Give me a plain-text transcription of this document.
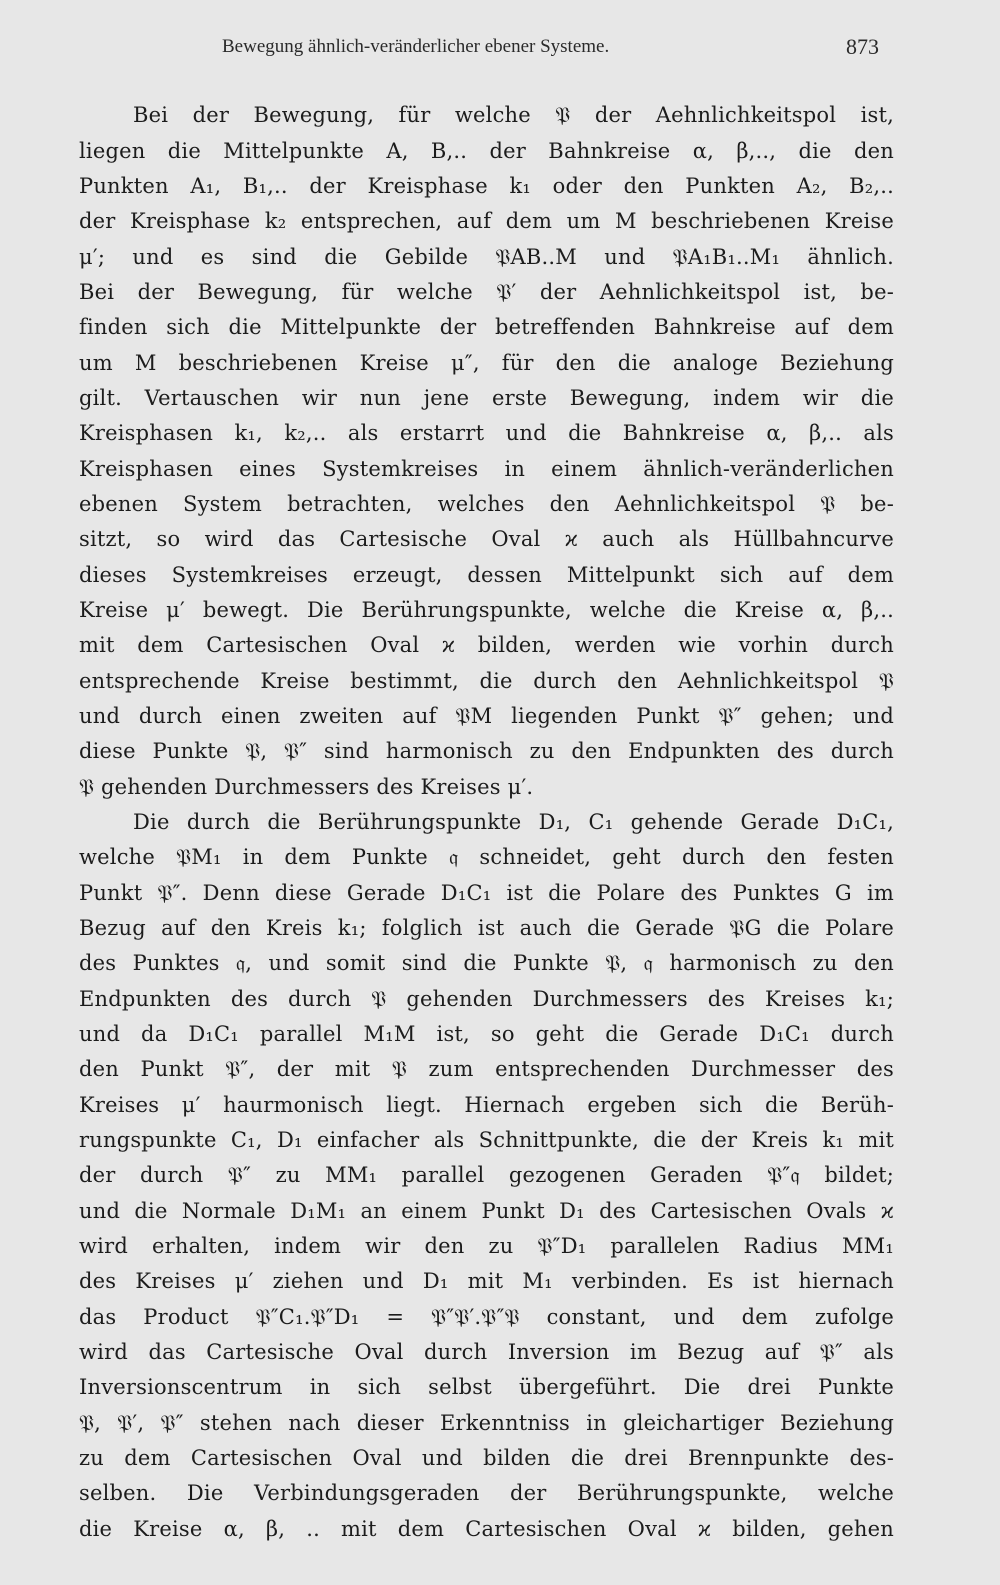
Bewegung ähnlich-veränderlicher ebener Systeme.	873
Bei der Bewegung, für welche 𝔓 der Aehnlichkeitspol ist,
liegen die Mittelpunkte A, B,.. der Bahnkreise α, β,.., die den
Punkten A₁, B₁,.. der Kreisphase k₁ oder den Punkten A₂, B₂,..
der Kreisphase k₂ entsprechen, auf dem um M beschriebenen Kreise
μ′; und es sind die Gebilde 𝔓AB..M und 𝔓A₁B₁..M₁ ähnlich.
Bei der Bewegung, für welche 𝔓′ der Aehnlichkeitspol ist, be-
finden sich die Mittelpunkte der betreffenden Bahnkreise auf dem
um M beschriebenen Kreise μ″, für den die analoge Beziehung
gilt. Vertauschen wir nun jene erste Bewegung, indem wir die
Kreisphasen k₁, k₂,.. als erstarrt und die Bahnkreise α, β,.. als
Kreisphasen eines Systemkreises in einem ähnlich-veränderlichen
ebenen System betrachten, welches den Aehnlichkeitspol 𝔓 be-
sitzt, so wird das Cartesische Oval ϰ auch als Hüllbahncurve
dieses Systemkreises erzeugt, dessen Mittelpunkt sich auf dem
Kreise μ′ bewegt. Die Berührungspunkte, welche die Kreise α, β,..
mit dem Cartesischen Oval ϰ bilden, werden wie vorhin durch
entsprechende Kreise bestimmt, die durch den Aehnlichkeitspol 𝔓
und durch einen zweiten auf 𝔓M liegenden Punkt 𝔓″ gehen; und
diese Punkte 𝔓, 𝔓″ sind harmonisch zu den Endpunkten des durch
𝔓 gehenden Durchmessers des Kreises μ′.
Die durch die Berührungspunkte D₁, C₁ gehende Gerade D₁C₁,
welche 𝔓M₁ in dem Punkte 𝔮 schneidet, geht durch den festen
Punkt 𝔓″. Denn diese Gerade D₁C₁ ist die Polare des Punktes G im
Bezug auf den Kreis k₁; folglich ist auch die Gerade 𝔓G die Polare
des Punktes 𝔮, und somit sind die Punkte 𝔓, 𝔮 harmonisch zu den
Endpunkten des durch 𝔓 gehenden Durchmessers des Kreises k₁;
und da D₁C₁ parallel M₁M ist, so geht die Gerade D₁C₁ durch
den Punkt 𝔓″, der mit 𝔓 zum entsprechenden Durchmesser des
Kreises μ′ haurmonisch liegt. Hiernach ergeben sich die Berüh-
rungspunkte C₁, D₁ einfacher als Schnittpunkte, die der Kreis k₁ mit
der durch 𝔓″ zu MM₁ parallel gezogenen Geraden 𝔓″𝔮 bildet;
und die Normale D₁M₁ an einem Punkt D₁ des Cartesischen Ovals ϰ
wird erhalten, indem wir den zu 𝔓″D₁ parallelen Radius MM₁
des Kreises μ′ ziehen und D₁ mit M₁ verbinden. Es ist hiernach
das Product 𝔓″C₁.𝔓″D₁ = 𝔓″𝔓′.𝔓″𝔓 constant, und dem zufolge
wird das Cartesische Oval durch Inversion im Bezug auf 𝔓″ als
Inversionscentrum in sich selbst übergeführt. Die drei Punkte
𝔓, 𝔓′, 𝔓″ stehen nach dieser Erkenntniss in gleichartiger Beziehung
zu dem Cartesischen Oval und bilden die drei Brennpunkte des-
selben. Die Verbindungsgeraden der Berührungspunkte, welche
die Kreise α, β, .. mit dem Cartesischen Oval ϰ bilden, gehen
